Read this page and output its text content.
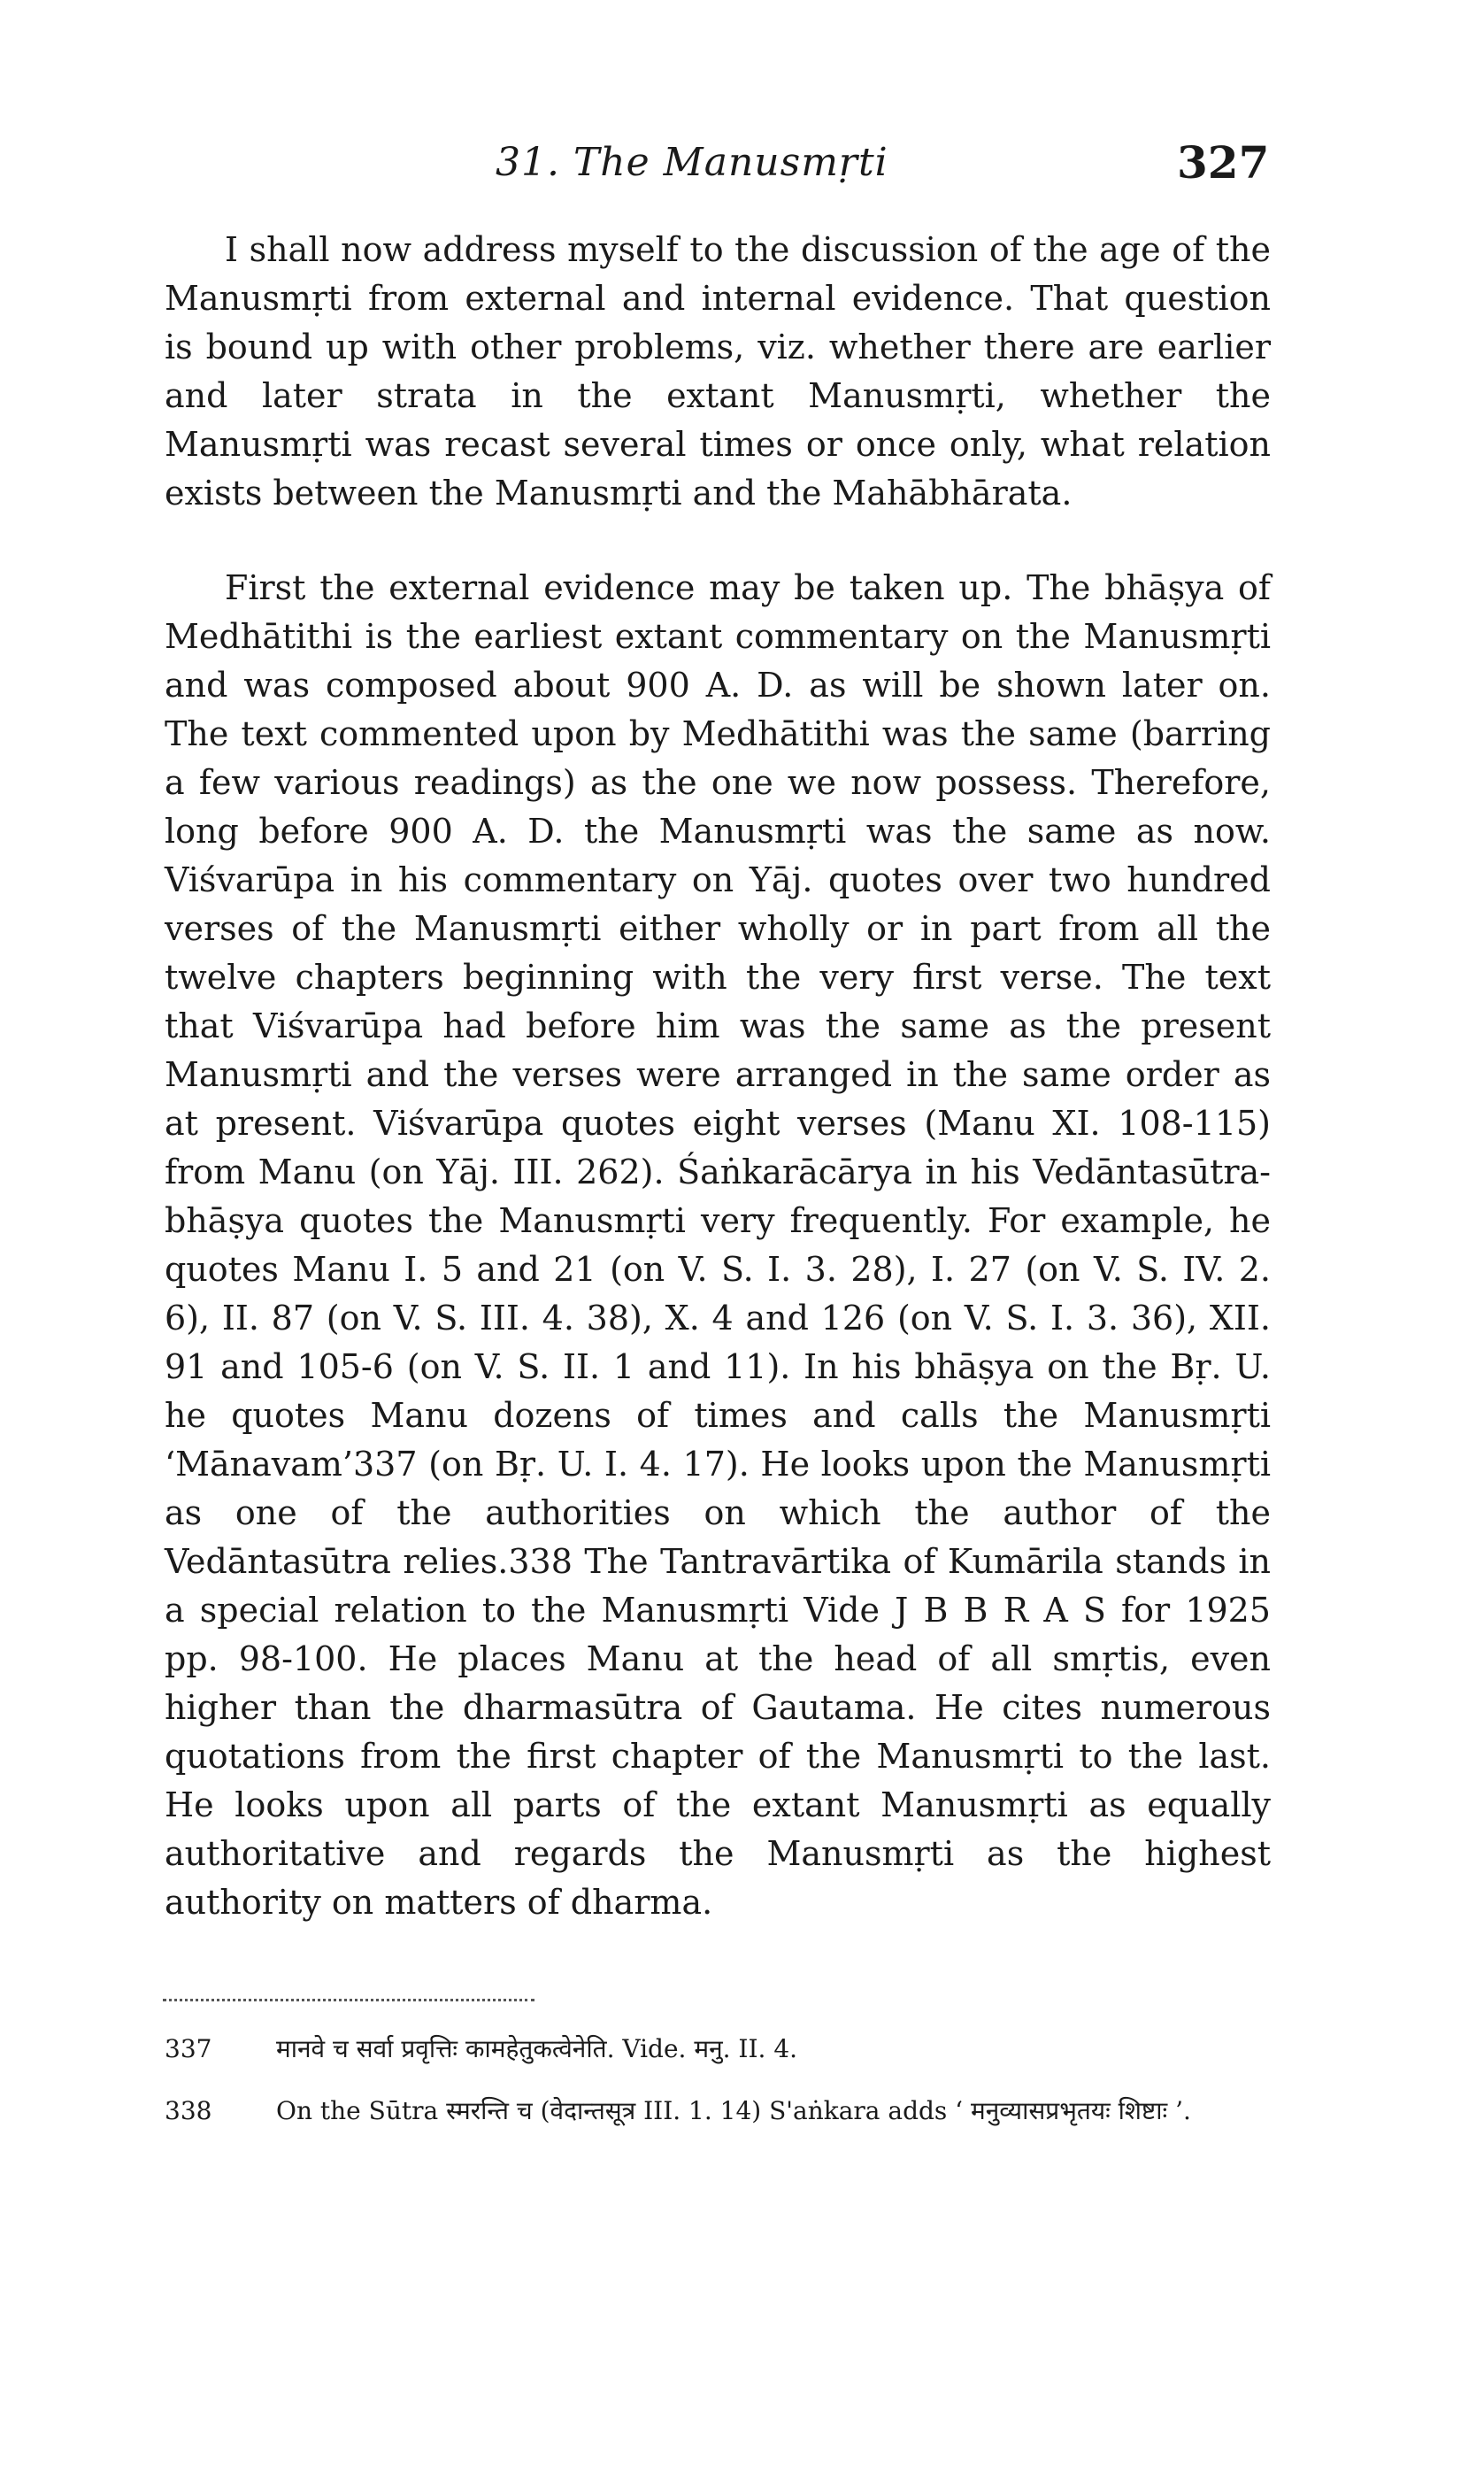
31. The Manusmṛti	327

I shall now address myself to the discussion of the age of the Manusmṛti from external and internal evidence. That question is bound up with other problems, viz. whether there are earlier and later strata in the extant Manusmṛti, whether the Manusmṛti was recast several times or once only, what relation exists between the Manusmṛti and the Mahābhārata.

First the external evidence may be taken up. The bhāṣya of Medhātithi is the earliest extant commentary on the Manusmṛti and was composed about 900 A. D. as will be shown later on. The text commented upon by Medhātithi was the same (barring a few various readings) as the one we now possess. Therefore, long before 900 A. D. the Manusmṛti was the same as now. Viśvarūpa in his commentary on Yāj. quotes over two hundred verses of the Manusmṛti either wholly or in part from all the twelve chapters beginning with the very first verse. The text that Viśvarūpa had before him was the same as the present Manusmṛti and the verses were arranged in the same order as at present. Viśvarūpa quotes eight verses (Manu XI. 108-115) from Manu (on Yāj. III. 262). Śaṅkarācārya in his Vedāntasūtra-bhāṣya quotes the Manusmṛti very frequently. For example, he quotes Manu I. 5 and 21 (on V. S. I. 3. 28), I. 27 (on V. S. IV. 2. 6), II. 87 (on V. S. III. 4. 38), X. 4 and 126 (on V. S. I. 3. 36), XII. 91 and 105-6 (on V. S. II. 1 and 11). In his bhāṣya on the Bṛ. U. he quotes Manu dozens of times and calls the Manusmṛti ‘Mānavam’337 (on Bṛ. U. I. 4. 17). He looks upon the Manusmṛti as one of the authorities on which the author of the Vedāntasūtra relies.338 The Tantravārtika of Kumārila stands in a special relation to the Manusmṛti Vide J B B R A S for 1925 pp. 98-100. He places Manu at the head of all smṛtis, even higher than the dharmasūtra of Gautama. He cites numerous quotations from the first chapter of the Manusmṛti to the last. He looks upon all parts of the extant Manusmṛti as equally authoritative and regards the Manusmṛti as the highest authority on matters of dharma.

337	मानवे च सर्वा प्रवृत्तिः कामहेतुकत्वेनेति. Vide. मनु. II. 4.
338	On the Sūtra स्मरन्ति च (वेदान्तसूत्र III. 1. 14) S'aṅkara adds ‘ मनुव्यासप्रभृतयः शिष्टाः ’.
